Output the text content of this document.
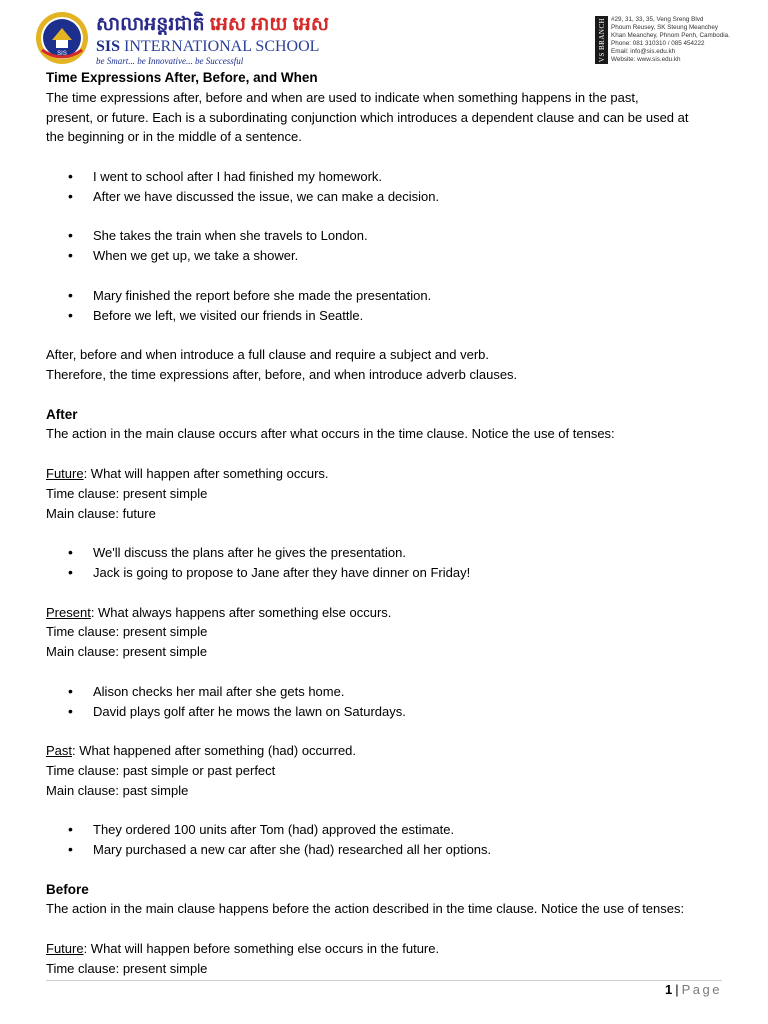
SIS
សាលាអន្តរជាតិ អេស អាយ អេស
SIS INTERNATIONAL SCHOOL
be Smart... be Innovative... be Successful	VS BRANCH #29, 31, 33, 35, Veng Sreng Blvd
Phoum Reusey, SK Steung Meanchey
Khan Meanchey, Phnom Penh, Cambodia.
Phone: 081 310310 / 085 454222
Email: info@sis.edu.kh
Website: www.sis.edu.kh

Time Expressions After, Before, and When

The time expressions after, before and when are used to indicate when something happens in the past,

present, or future. Each is a subordinating conjunction which introduces a dependent clause and can be used at

the beginning or in the middle of a sentence.

• I went to school after I had finished my homework.
• After we have discussed the issue, we can make a decision.
• She takes the train when she travels to London.
• When we get up, we take a shower.
• Mary finished the report before she made the presentation.
• Before we left, we visited our friends in Seattle.

After, before and when introduce a full clause and require a subject and verb.

Therefore, the time expressions after, before, and when introduce adverb clauses.

After

The action in the main clause occurs after what occurs in the time clause. Notice the use of tenses:

Future: What will happen after something occurs.

Time clause: present simple

Main clause: future

• We'll discuss the plans after he gives the presentation.
• Jack is going to propose to Jane after they have dinner on Friday!

Present: What always happens after something else occurs.

Time clause: present simple

Main clause: present simple

• Alison checks her mail after she gets home.
• David plays golf after he mows the lawn on Saturdays.

Past: What happened after something (had) occurred.

Time clause: past simple or past perfect

Main clause: past simple

• They ordered 100 units after Tom (had) approved the estimate.
• Mary purchased a new car after she (had) researched all her options.

Before

The action in the main clause happens before the action described in the time clause. Notice the use of tenses:

Future: What will happen before something else occurs in the future.

Time clause: present simple

1 | Page
